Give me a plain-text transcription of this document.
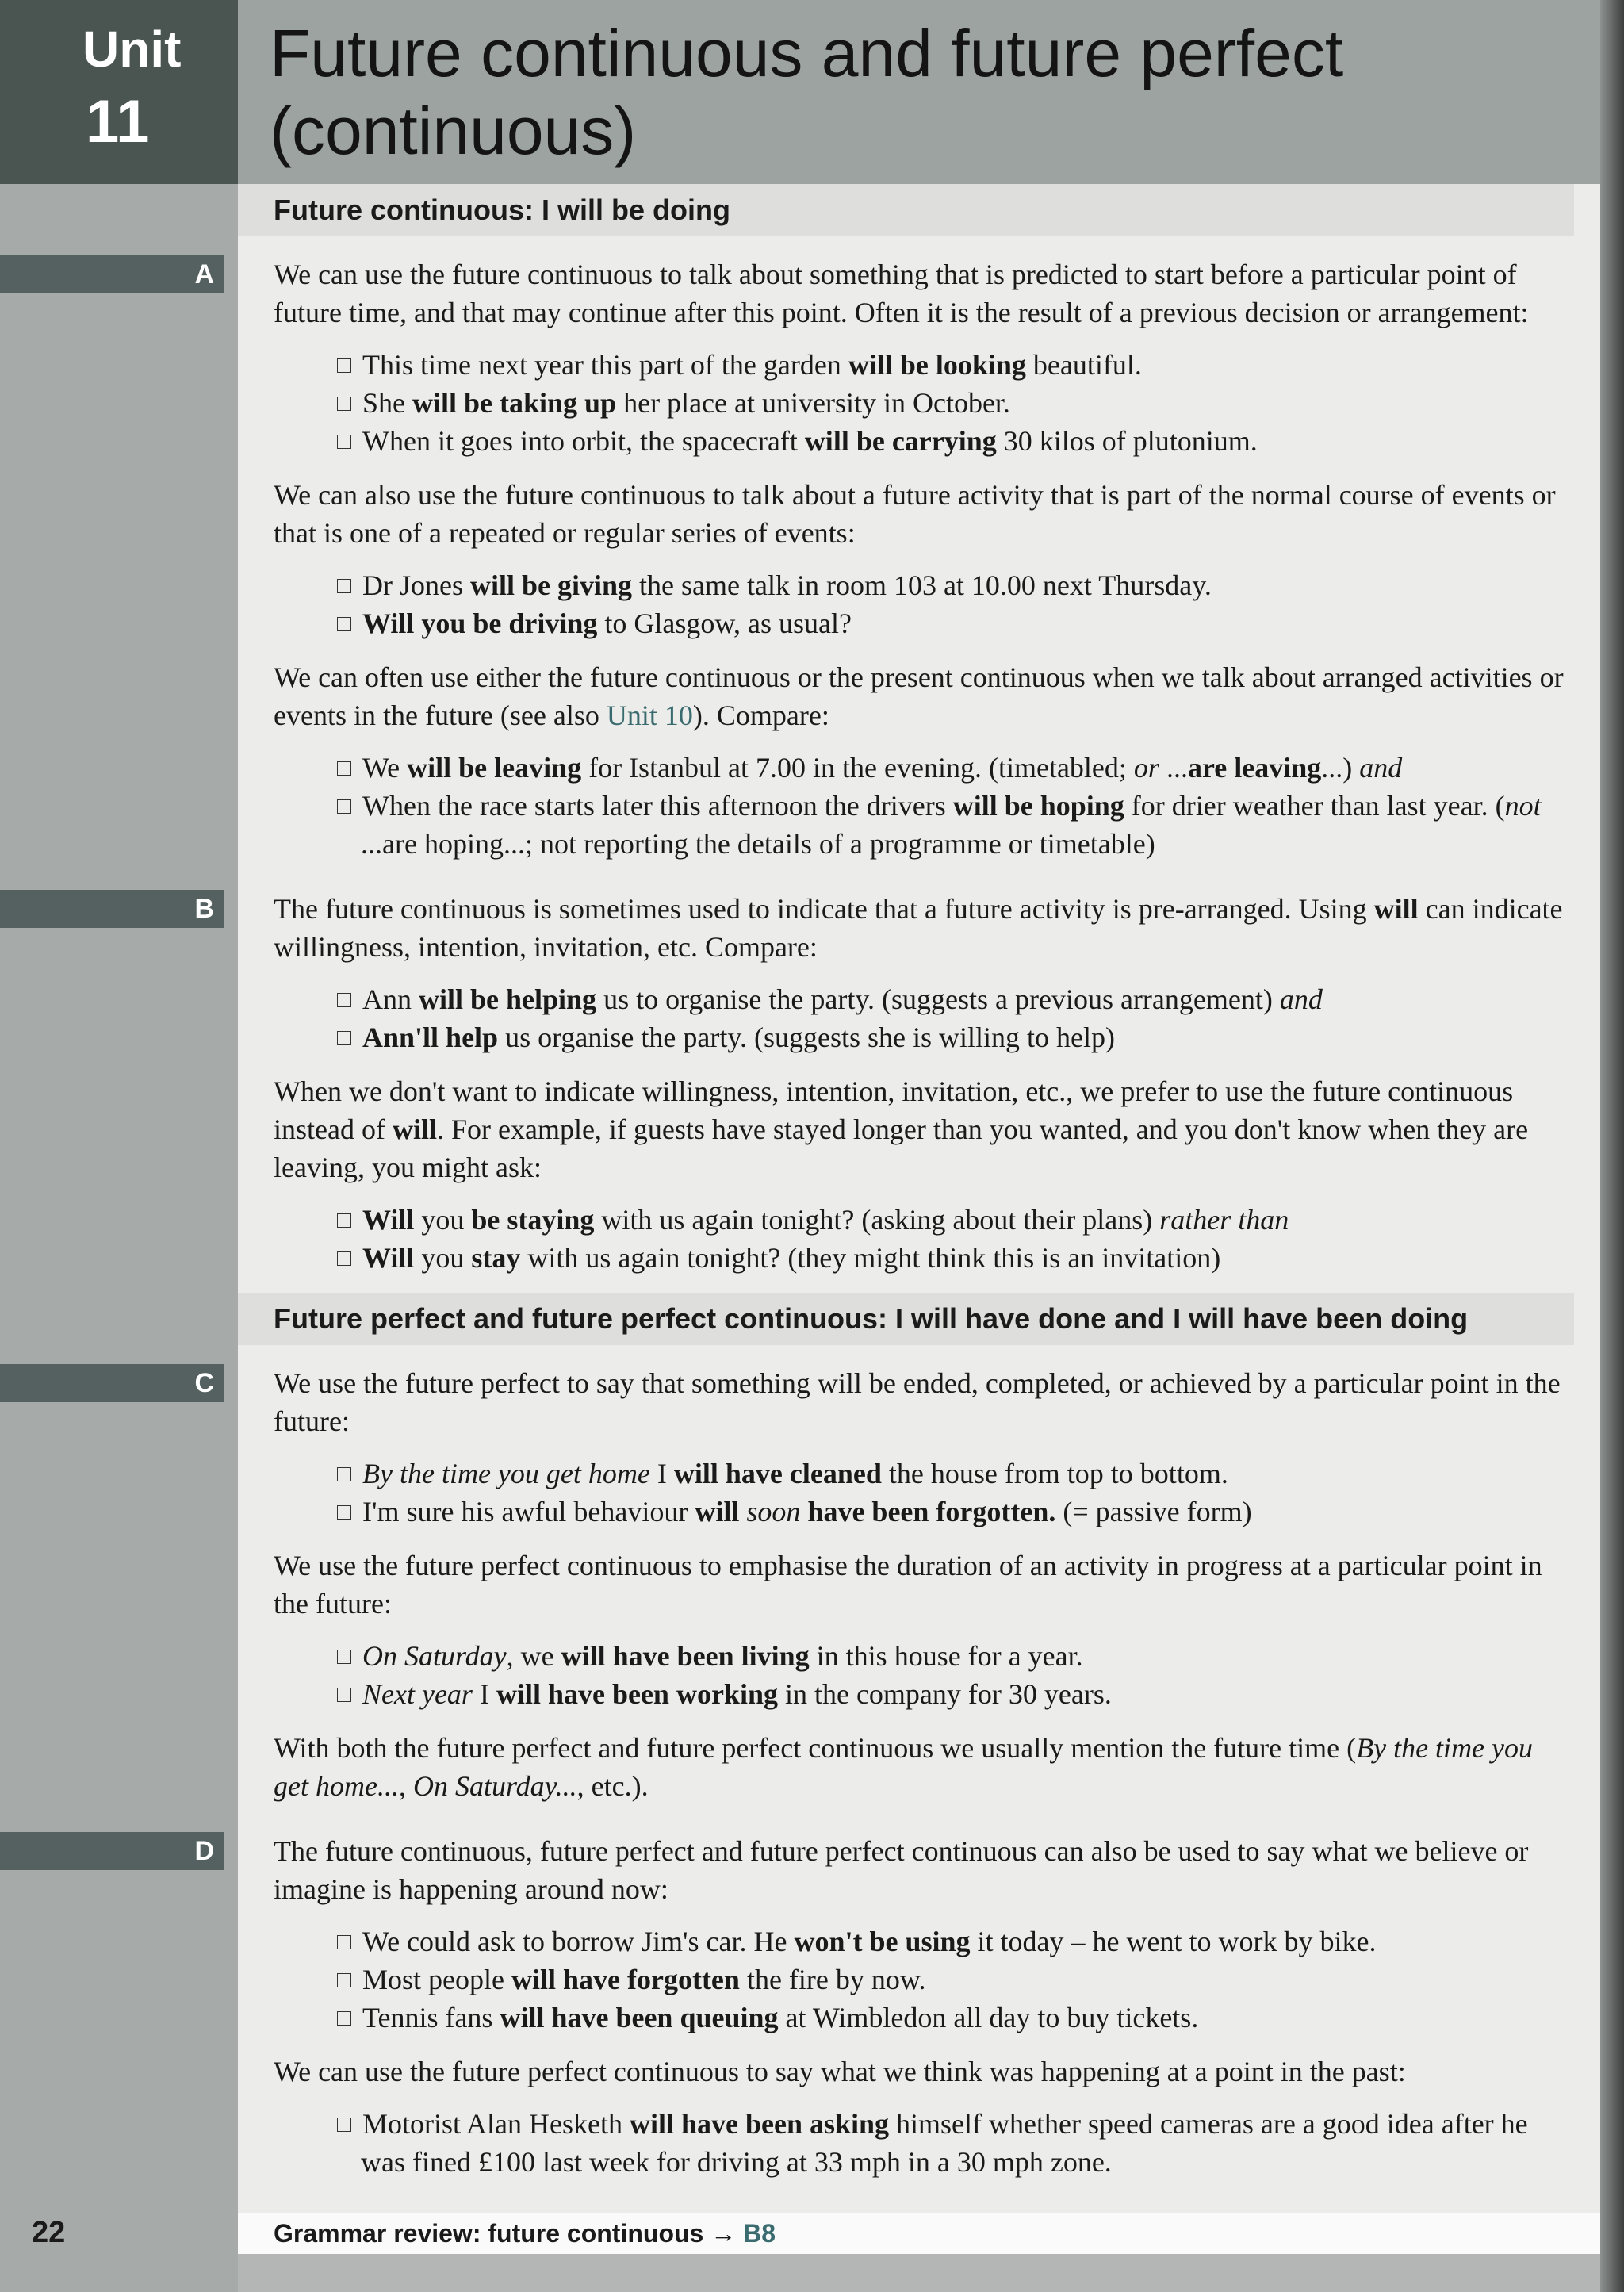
Unit
11
Future continuous and future perfect (continuous)
Future continuous: I will be doing
A	We can use the future continuous to talk about something that is predicted to start before a particular point of future time, and that may continue after this point. Often it is the result of a previous decision or arrangement:

This time next year this part of the garden will be looking beautiful.
She will be taking up her place at university in October.
When it goes into orbit, the spacecraft will be carrying 30 kilos of plutonium.

We can also use the future continuous to talk about a future activity that is part of the normal course of events or that is one of a repeated or regular series of events:

Dr Jones will be giving the same talk in room 103 at 10.00 next Thursday.
Will you be driving to Glasgow, as usual?

We can often use either the future continuous or the present continuous when we talk about arranged activities or events in the future (see also Unit 10). Compare:

We will be leaving for Istanbul at 7.00 in the evening. (timetabled; or ...are leaving...) and
When the race starts later this afternoon the drivers will be hoping for drier weather than last year. (not ...are hoping...; not reporting the details of a programme or timetable)
B	The future continuous is sometimes used to indicate that a future activity is pre-arranged. Using will can indicate willingness, intention, invitation, etc. Compare:

Ann will be helping us to organise the party. (suggests a previous arrangement) and
Ann'll help us organise the party. (suggests she is willing to help)

When we don't want to indicate willingness, intention, invitation, etc., we prefer to use the future continuous instead of will. For example, if guests have stayed longer than you wanted, and you don't know when they are leaving, you might ask:

Will you be staying with us again tonight? (asking about their plans) rather than
Will you stay with us again tonight? (they might think this is an invitation)
Future perfect and future perfect continuous: I will have done and I will have been doing
C	We use the future perfect to say that something will be ended, completed, or achieved by a particular point in the future:

By the time you get home I will have cleaned the house from top to bottom.
I'm sure his awful behaviour will soon have been forgotten. (= passive form)

We use the future perfect continuous to emphasise the duration of an activity in progress at a particular point in the future:

On Saturday, we will have been living in this house for a year.
Next year I will have been working in the company for 30 years.

With both the future perfect and future perfect continuous we usually mention the future time (By the time you get home..., On Saturday..., etc.).

D	The future continuous, future perfect and future perfect continuous can also be used to say what we believe or imagine is happening around now:

We could ask to borrow Jim's car. He won't be using it today – he went to work by bike.
Most people will have forgotten the fire by now.
Tennis fans will have been queuing at Wimbledon all day to buy tickets.

We can use the future perfect continuous to say what we think was happening at a point in the past:

Motorist Alan Hesketh will have been asking himself whether speed cameras are a good idea after he was fined £100 last week for driving at 33 mph in a 30 mph zone.
22	Grammar review: future continuous → B8
